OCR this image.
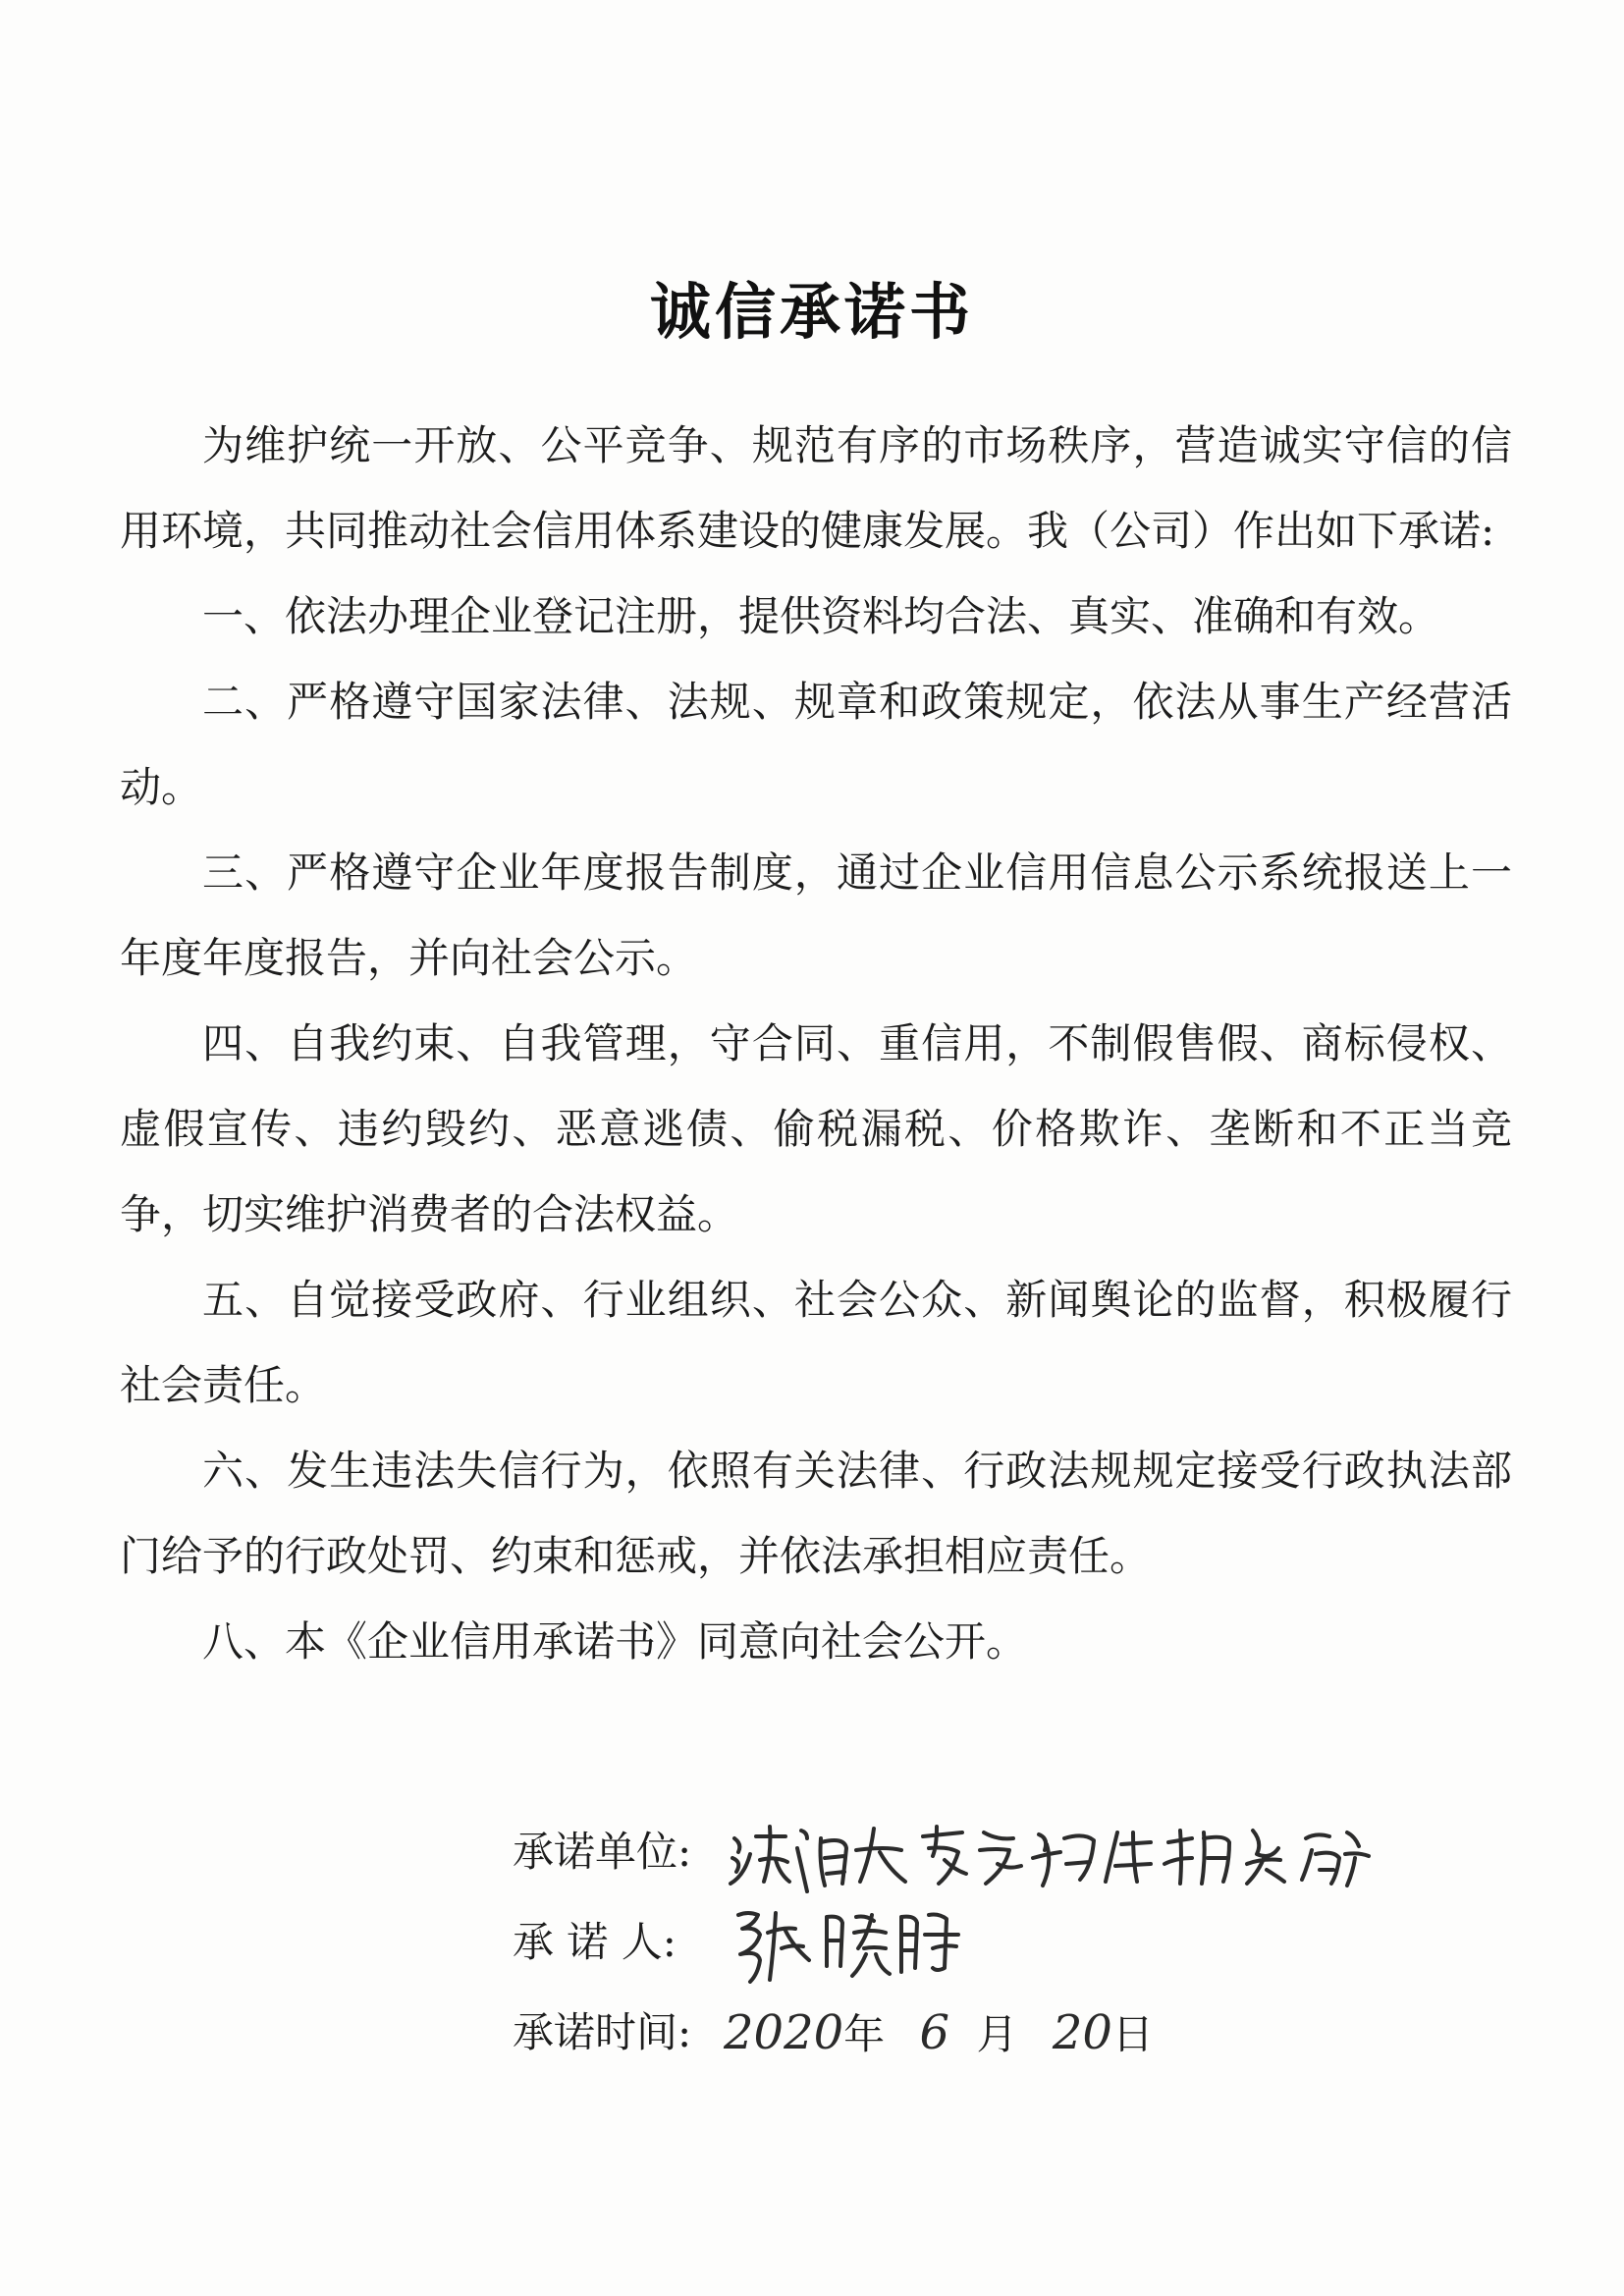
诚信承诺书

为维护统一开放、公平竞争、规范有序的市场秩序，营造诚实守信的信用环境，共同推动社会信用体系建设的健康发展。我（公司）作出如下承诺:

一、依法办理企业登记注册，提供资料均合法、真实、准确和有效。

二、严格遵守国家法律、法规、规章和政策规定，依法从事生产经营活动。

三、严格遵守企业年度报告制度，通过企业信用信息公示系统报送上一年度年度报告，并向社会公示。

四、自我约束、自我管理，守合同、重信用，不制假售假、商标侵权、虚假宣传、违约毁约、恶意逃债、偷税漏税、价格欺诈、垄断和不正当竞争，切实维护消费者的合法权益。

五、自觉接受政府、行业组织、社会公众、新闻舆论的监督，积极履行社会责任。

六、发生违法失信行为，依照有关法律、行政法规规定接受行政执法部门给予的行政处罚、约束和惩戒，并依法承担相应责任。

八、本《企业信用承诺书》同意向社会公开。

承诺单位:
承 诺 人:
承诺时间: 2020年 6 月 20日
